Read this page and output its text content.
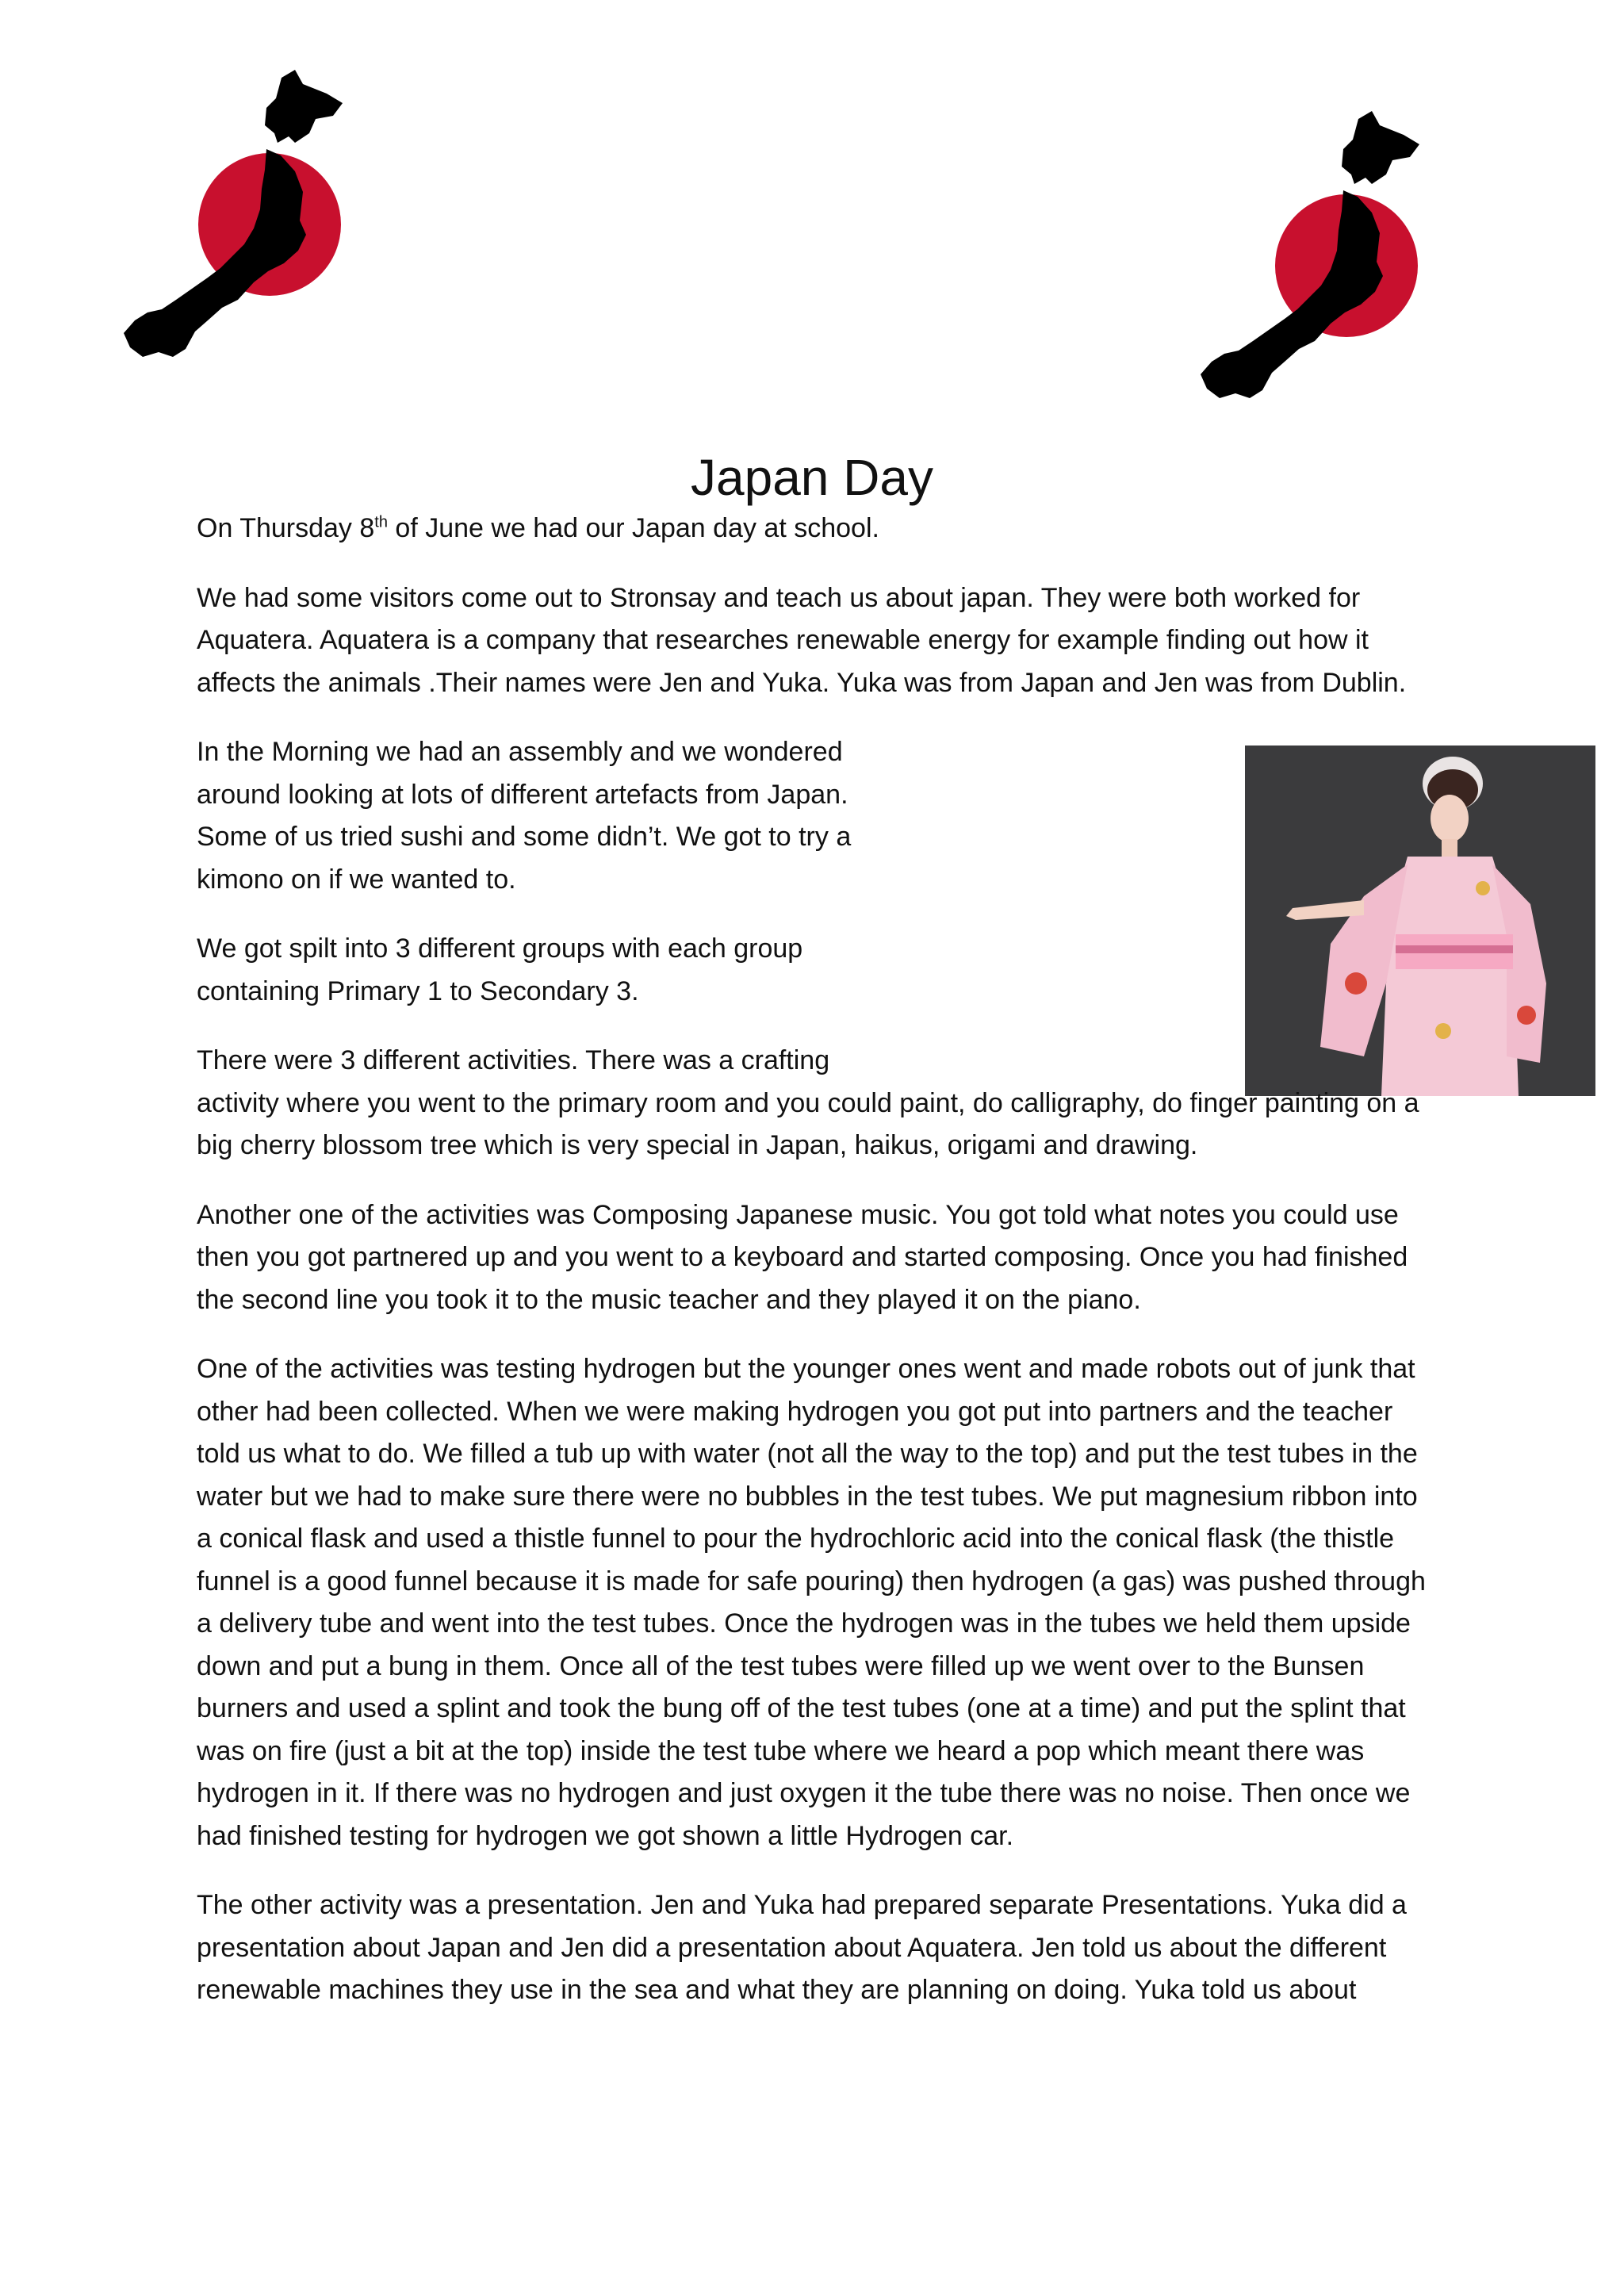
Japan Day

On Thursday 8th of June we had our Japan day at school.

We had some visitors come out to Stronsay and teach us about japan. They were both worked for Aquatera. Aquatera is a company that researches renewable energy for example finding out how it affects the animals .Their names were Jen and Yuka. Yuka was from Japan and Jen was from Dublin.

In the Morning we had an assembly and we wondered around looking at lots of different artefacts from Japan. Some of us tried sushi and some didn’t. We got to try a kimono on if we wanted to.

We got spilt into 3 different groups with each group containing Primary 1 to Secondary 3.

There were 3 different activities. There was a crafting activity where you went to the primary room and you could paint, do calligraphy, do finger painting on a big cherry blossom tree which is very special in Japan, haikus, origami and drawing.

Another one of the activities was Composing Japanese music. You got told what notes you could use then you got partnered up and you went to a keyboard and started composing. Once you had finished the second line you took it to the music teacher and they played it on the piano.

One of the activities was testing hydrogen but the younger ones went and made robots out of junk that other had been collected. When we were making hydrogen you got put into partners and the teacher told us what to do. We filled a tub up with water (not all the way to the top) and put the test tubes in the water but we had to make sure there were no bubbles in the test tubes. We put magnesium ribbon into a conical flask and used a thistle funnel to pour the hydrochloric acid into the conical flask (the thistle funnel is a good funnel because it is made for safe pouring) then hydrogen (a gas) was pushed through a delivery tube and went into the test tubes. Once the hydrogen was in the tubes we held them upside down and put a bung in them. Once all of the test tubes were filled up we went over to the Bunsen burners and used a splint and took the bung off of the test tubes (one at a time) and put the splint that was on fire (just a bit at the top) inside the test tube where we heard a pop which meant there was hydrogen in it. If there was no hydrogen and just oxygen it the tube there was no noise. Then once we had finished testing for hydrogen we got shown a little Hydrogen car.

The other activity was a presentation. Jen and Yuka had prepared separate Presentations. Yuka did a presentation about Japan and Jen did a presentation about Aquatera. Jen told us about the different renewable machines they use in the sea and what they are planning on doing. Yuka told us about
